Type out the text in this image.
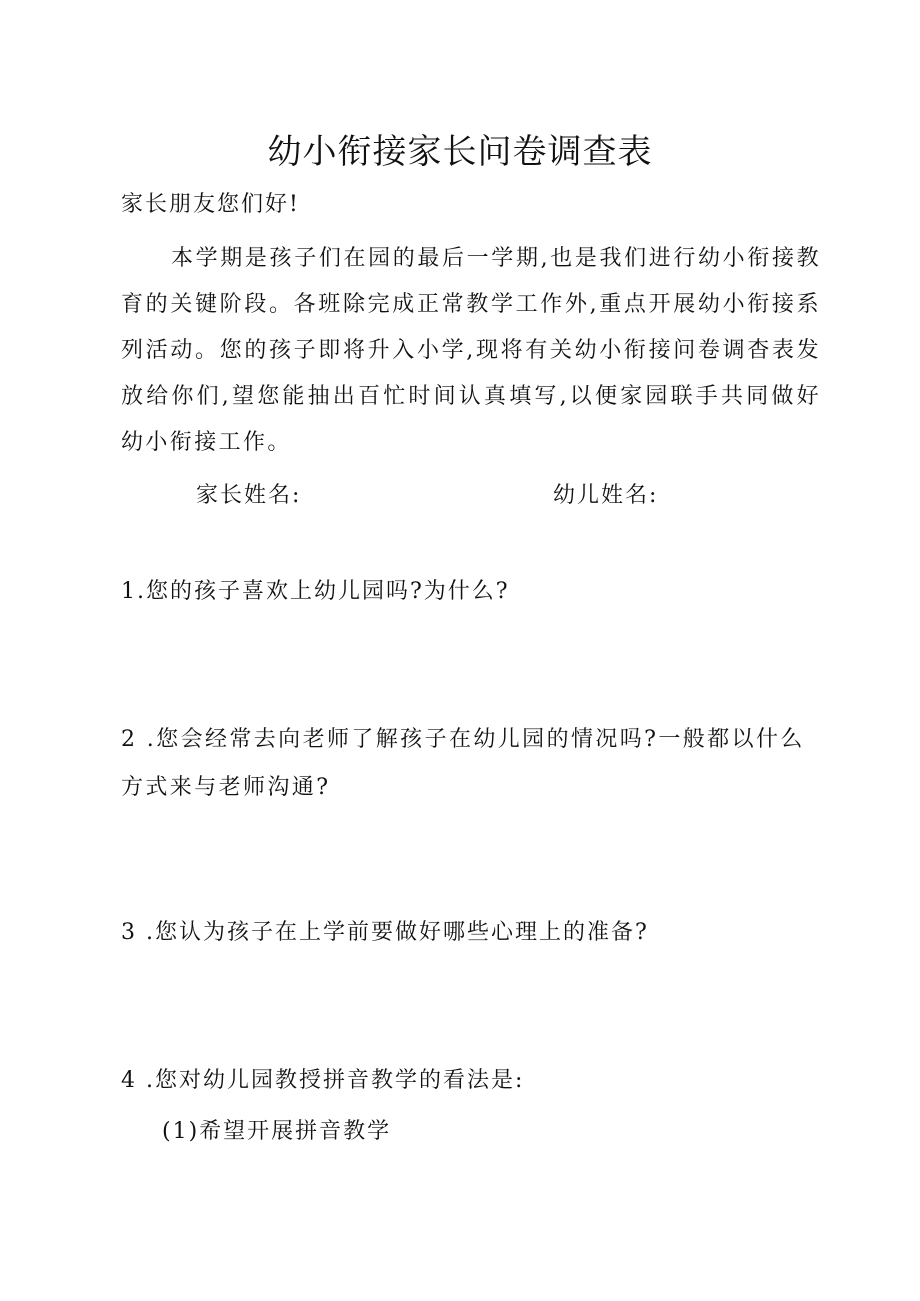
幼小衔接家长问卷调查表
家长朋友您们好!
本学期是孩子们在园的最后一学期,也是我们进行幼小衔接教育的关键阶段。各班除完成正常教学工作外,重点开展幼小衔接系列活动。您的孩子即将升入小学,现将有关幼小衔接问卷调杳表发放给你们,望您能抽出百忙时间认真填写,以便家园联手共同做好幼小衔接工作。
家长姓名:	幼儿姓名:
1.您的孩子喜欢上幼儿园吗?为什么?
2 .您会经常去向老师了解孩子在幼儿园的情况吗?一般都以什么方式来与老师沟通?
3 .您认为孩子在上学前要做好哪些心理上的准备?
4 .您对幼儿园教授拼音教学的看法是:
(1)希望开展拼音教学
